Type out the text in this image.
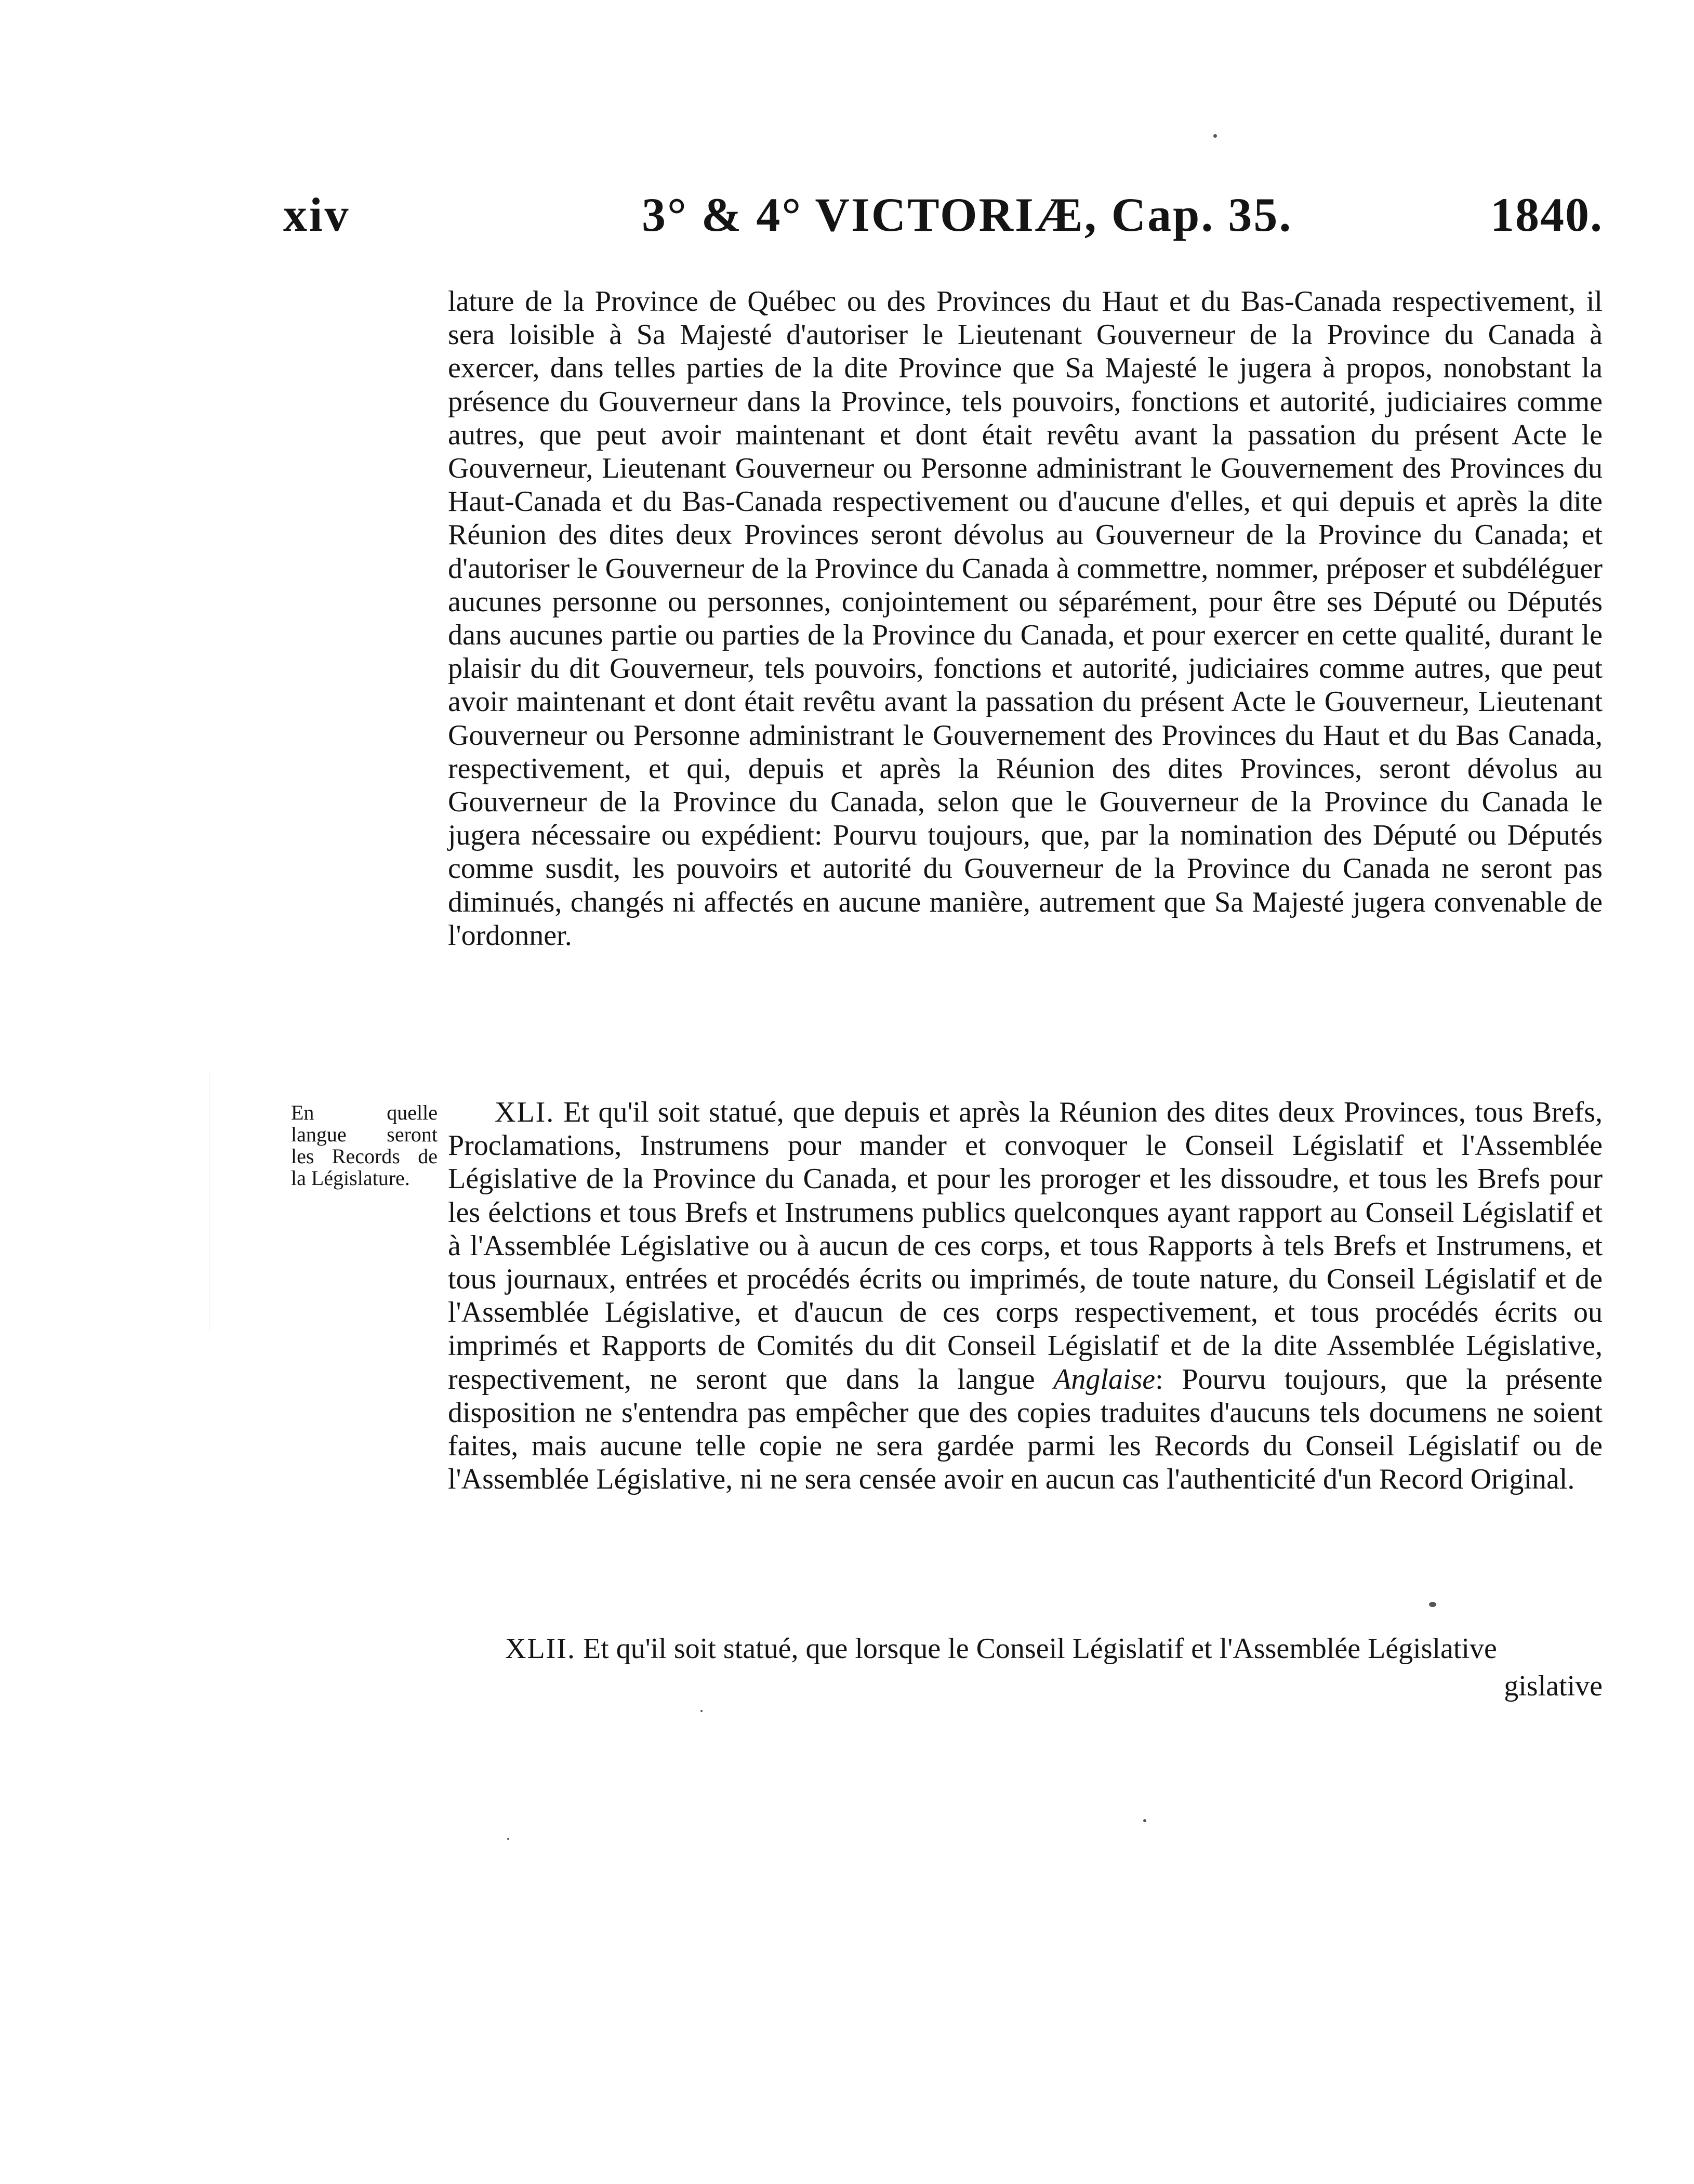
xiv	3° & 4° VICTORIÆ, Cap. 35.	1840.

lature de la Province de Québec ou des Provinces du Haut et du Bas-Canada respectivement, il sera loisible à Sa Majesté d'autoriser le Lieutenant Gouverneur de la Province du Canada à exercer, dans telles parties de la dite Province que Sa Majesté le jugera à propos, nonobstant la présence du Gouverneur dans la Province, tels pouvoirs, fonctions et autorité, judiciaires comme autres, que peut avoir maintenant et dont était revêtu avant la passation du présent Acte le Gouverneur, Lieutenant Gouverneur ou Personne administrant le Gouvernement des Provinces du Haut-Canada et du Bas-Canada respectivement ou d'aucune d'elles, et qui depuis et après la dite Réunion des dites deux Provinces seront dévolus au Gouverneur de la Province du Canada; et d'autoriser le Gouverneur de la Province du Canada à commettre, nommer, préposer et subdéléguer aucunes personne ou personnes, conjointement ou séparément, pour être ses Député ou Députés dans aucunes partie ou parties de la Province du Canada, et pour exercer en cette qualité, durant le plaisir du dit Gouverneur, tels pouvoirs, fonctions et autorité, judiciaires comme autres, que peut avoir maintenant et dont était revêtu avant la passation du présent Acte le Gouverneur, Lieutenant Gouverneur ou Personne administrant le Gouvernement des Provinces du Haut et du Bas Canada, respectivement, et qui, depuis et après la Réunion des dites Provinces, seront dévolus au Gouverneur de la Province du Canada, selon que le Gouverneur de la Province du Canada le jugera nécessaire ou expédient: Pourvu toujours, que, par la nomination des Député ou Députés comme susdit, les pouvoirs et autorité du Gouverneur de la Province du Canada ne seront pas diminués, changés ni affectés en aucune manière, autrement que Sa Majesté jugera convenable de l'ordonner.

En quelle
langue seront
les Records de
la Législature.

XLI. Et qu'il soit statué, que depuis et après la Réunion des dites deux Provinces, tous Brefs, Proclamations, Instrumens pour mander et convoquer le Conseil Législatif et l'Assemblée Législative de la Province du Canada, et pour les proroger et les dissoudre, et tous les Brefs pour les éelctions et tous Brefs et Instrumens publics quelconques ayant rapport au Conseil Législatif et à l'Assemblée Législative ou à aucun de ces corps, et tous Rapports à tels Brefs et Instrumens, et tous journaux, entrées et procédés écrits ou imprimés, de toute nature, du Conseil Législatif et de l'Assemblée Législative, et d'aucun de ces corps respectivement, et tous procédés écrits ou imprimés et Rapports de Comités du dit Conseil Législatif et de la dite Assemblée Législative, respectivement, ne seront que dans la langue Anglaise: Pourvu toujours, que la présente disposition ne s'entendra pas empêcher que des copies traduites d'aucuns tels documens ne soient faites, mais aucune telle copie ne sera gardée parmi les Records du Conseil Législatif ou de l'Assemblée Législative, ni ne sera censée avoir en aucun cas l'authenticité d'un Record Original.

XLII. Et qu'il soit statué, que lorsque le Conseil Législatif et l'Assemblée Législative

gislative
